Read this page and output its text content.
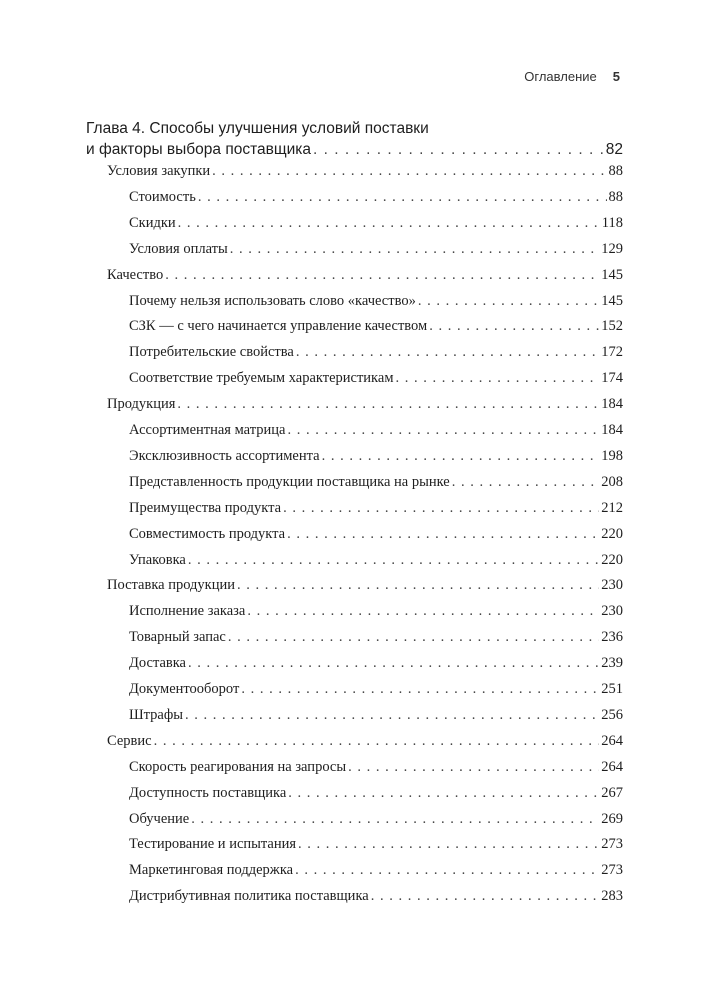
Оглавление 5
Глава 4. Способы улучшения условий поставки
и факторы выбора поставщика . . .	82
Условия закупки . . .	88
Стоимость . . .	88
Скидки . . .	118
Условия оплаты . . .	129
Качество . . .	145
Почему нельзя использовать слово «качество» . . .	145
СЗК — с чего начинается управление качеством . . .	152
Потребительские свойства . . .	172
Соответствие требуемым характеристикам . . .	174
Продукция . . .	184
Ассортиментная матрица . . .	184
Эксклюзивность ассортимента . . .	198
Представленность продукции поставщика на рынке . . .	208
Преимущества продукта . . .	212
Совместимость продукта . . .	220
Упаковка . . .	220
Поставка продукции . . .	230
Исполнение заказа . . .	230
Товарный запас . . .	236
Доставка . . .	239
Документооборот . . .	251
Штрафы . . .	256
Сервис . . .	264
Скорость реагирования на запросы . . .	264
Доступность поставщика . . .	267
Обучение . . .	269
Тестирование и испытания . . .	273
Маркетинговая поддержка . . .	273
Дистрибутивная политика поставщика . . .	283
